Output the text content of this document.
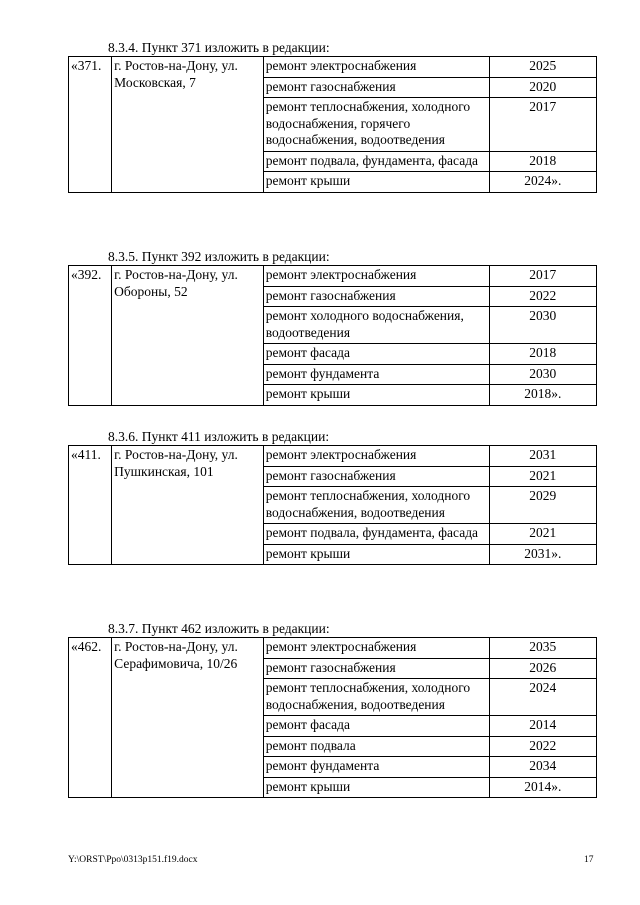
8.3.4. Пункт 371 изложить в редакции:
«371.	г. Ростов-на-Дону, ул. Московская, 7	ремонт электроснабжения	2025
		ремонт газоснабжения	2020
		ремонт теплоснабжения, холодного водоснабжения, горячего водоснабжения, водоотведения	2017
		ремонт подвала, фундамента, фасада	2018
		ремонт крыши	2024».
8.3.5. Пункт 392 изложить в редакции:
«392.	г. Ростов-на-Дону, ул. Обороны, 52	ремонт электроснабжения	2017
		ремонт газоснабжения	2022
		ремонт холодного водоснабжения, водоотведения	2030
		ремонт фасада	2018
		ремонт фундамента	2030
		ремонт крыши	2018».
8.3.6. Пункт 411 изложить в редакции:
«411.	г. Ростов-на-Дону, ул. Пушкинская, 101	ремонт электроснабжения	2031
		ремонт газоснабжения	2021
		ремонт теплоснабжения, холодного водоснабжения, водоотведения	2029
		ремонт подвала, фундамента, фасада	2021
		ремонт крыши	2031».
8.3.7. Пункт 462 изложить в редакции:
«462.	г. Ростов-на-Дону, ул. Серафимовича, 10/26	ремонт электроснабжения	2035
		ремонт газоснабжения	2026
		ремонт теплоснабжения, холодного водоснабжения, водоотведения	2024
		ремонт фасада	2014
		ремонт подвала	2022
		ремонт фундамента	2034
		ремонт крыши	2014».
Y:\ORST\Ppo\0313p151.f19.docx	17
